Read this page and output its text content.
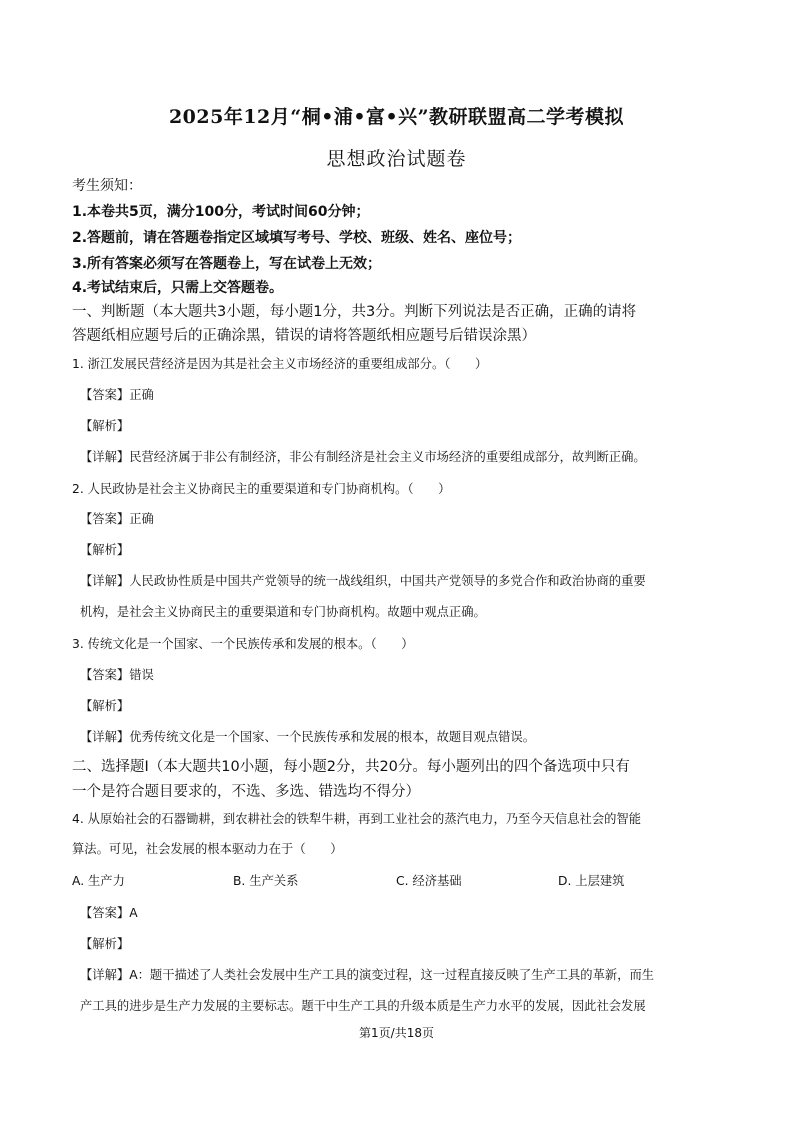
2025年12月“桐•浦•富•兴”教研联盟高二学考模拟
思想政治试题卷
考生须知：
1.本卷共5页，满分100分，考试时间60分钟；
2.答题前，请在答题卷指定区域填写考号、学校、班级、姓名、座位号；
3.所有答案必须写在答题卷上，写在试卷上无效；
4.考试结束后，只需上交答题卷。
一、判断题（本大题共3小题，每小题1分，共3分。判断下列说法是否正确，正确的请将
答题纸相应题号后的正确涂黑，错误的请将答题纸相应题号后错误涂黑）
1. 浙江发展民营经济是因为其是社会主义市场经济的重要组成部分。（　　）
【答案】正确
【解析】
【详解】民营经济属于非公有制经济，非公有制经济是社会主义市场经济的重要组成部分，故判断正确。
2. 人民政协是社会主义协商民主的重要渠道和专门协商机构。（　　）
【答案】正确
【解析】
【详解】人民政协性质是中国共产党领导的统一战线组织，中国共产党领导的多党合作和政治协商的重要
机构，是社会主义协商民主的重要渠道和专门协商机构。故题中观点正确。
3. 传统文化是一个国家、一个民族传承和发展的根本。（　　）
【答案】错误
【解析】
【详解】优秀传统文化是一个国家、一个民族传承和发展的根本，故题目观点错误。
二、选择题Ⅰ（本大题共10小题，每小题2分，共20分。每小题列出的四个备选项中只有
一个是符合题目要求的，不选、多选、错选均不得分）
4. 从原始社会的石器锄耕，到农耕社会的铁犁牛耕，再到工业社会的蒸汽电力，乃至今天信息社会的智能
算法。可见，社会发展的根本驱动力在于（　　）
A. 生产力	B. 生产关系	C. 经济基础	D. 上层建筑
【答案】A
【解析】
【详解】A：题干描述了人类社会发展中生产工具的演变过程，这一过程直接反映了生产工具的革新，而生
产工具的进步是生产力发展的主要标志。题干中生产工具的升级本质是生产力水平的发展，因此社会发展
第1页/共18页
